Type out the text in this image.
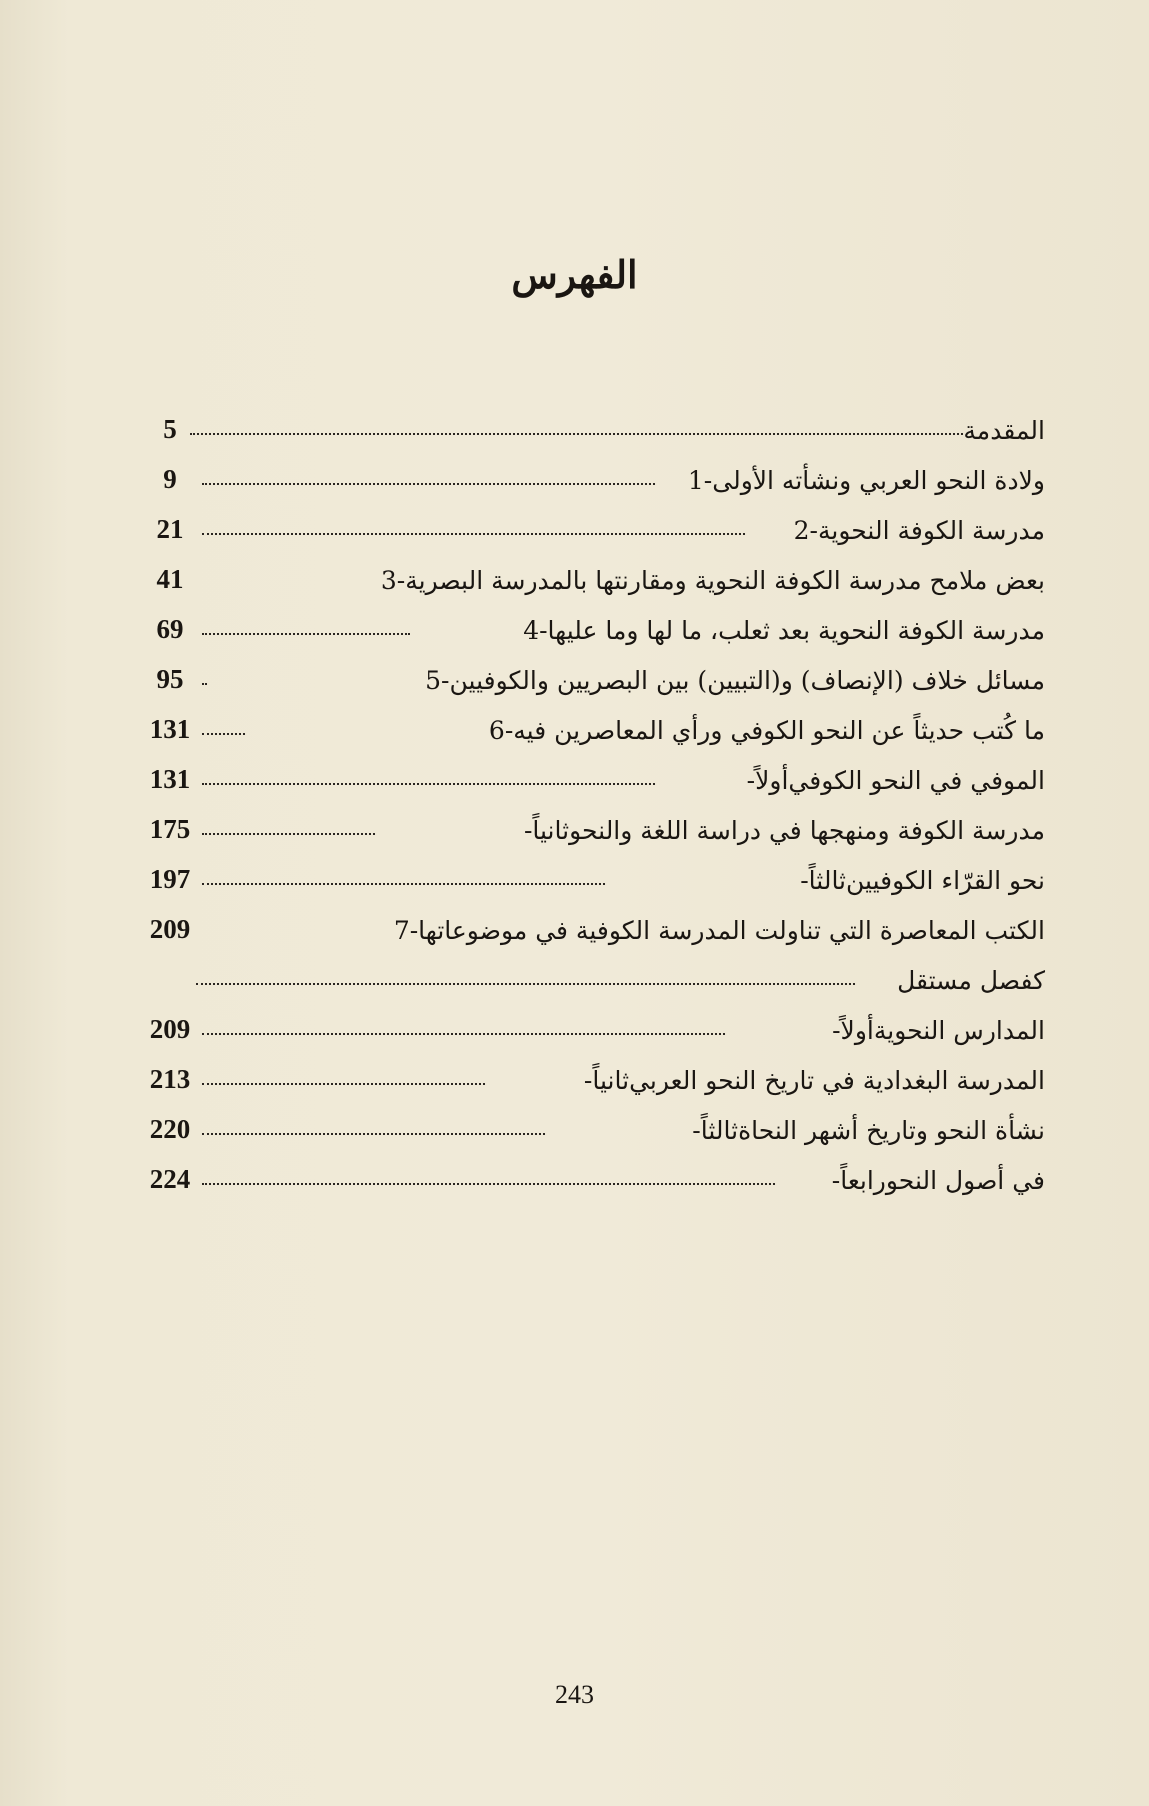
الفهرس
5	المقدمة
9	1- ولادة النحو العربي ونشأته الأولى
21	2- مدرسة الكوفة النحوية
41	3- بعض ملامح مدرسة الكوفة النحوية ومقارنتها بالمدرسة البصرية
69	4- مدرسة الكوفة النحوية بعد ثعلب، ما لها وما عليها
95	5- مسائل خلاف (الإنصاف) و(التبيين) بين البصريين والكوفيين
131	6- ما كُتب حديثاً عن النحو الكوفي ورأي المعاصرين فيه
131	أولاً- الموفي في النحو الكوفي
175	ثانياً- مدرسة الكوفة ومنهجها في دراسة اللغة والنحو
197	ثالثاً- نحو القرّاء الكوفيين
209	7- الكتب المعاصرة التي تناولت المدرسة الكوفية في موضوعاتها
كفصل مستقل
209	أولاً- المدارس النحوية
213	ثانياً- المدرسة البغدادية في تاريخ النحو العربي
220	ثالثاً- نشأة النحو وتاريخ أشهر النحاة
224	رابعاً- في أصول النحو
243
